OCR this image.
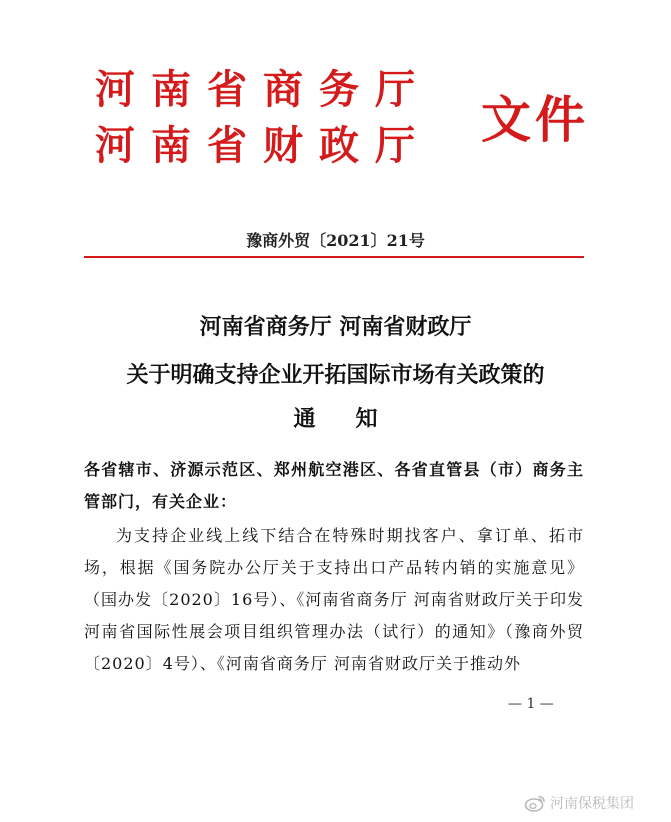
河南省商务厅
河南省财政厅 文件
豫商外贸〔2021〕21号
河南省商务厅 河南省财政厅
关于明确支持企业开拓国际市场有关政策的
通知
各省辖市、济源示范区、郑州航空港区、各省直管县（市）商务主管部门，有关企业：
为支持企业线上线下结合在特殊时期找客户、拿订单、拓市场，根据《国务院办公厅关于支持出口产品转内销的实施意见》（国办发〔2020〕16号）、《河南省商务厅 河南省财政厅关于印发河南省国际性展会项目组织管理办法（试行）的通知》（豫商外贸〔2020〕4号）、《河南省商务厅 河南省财政厅关于推动外
— 1 —
河南保税集团
